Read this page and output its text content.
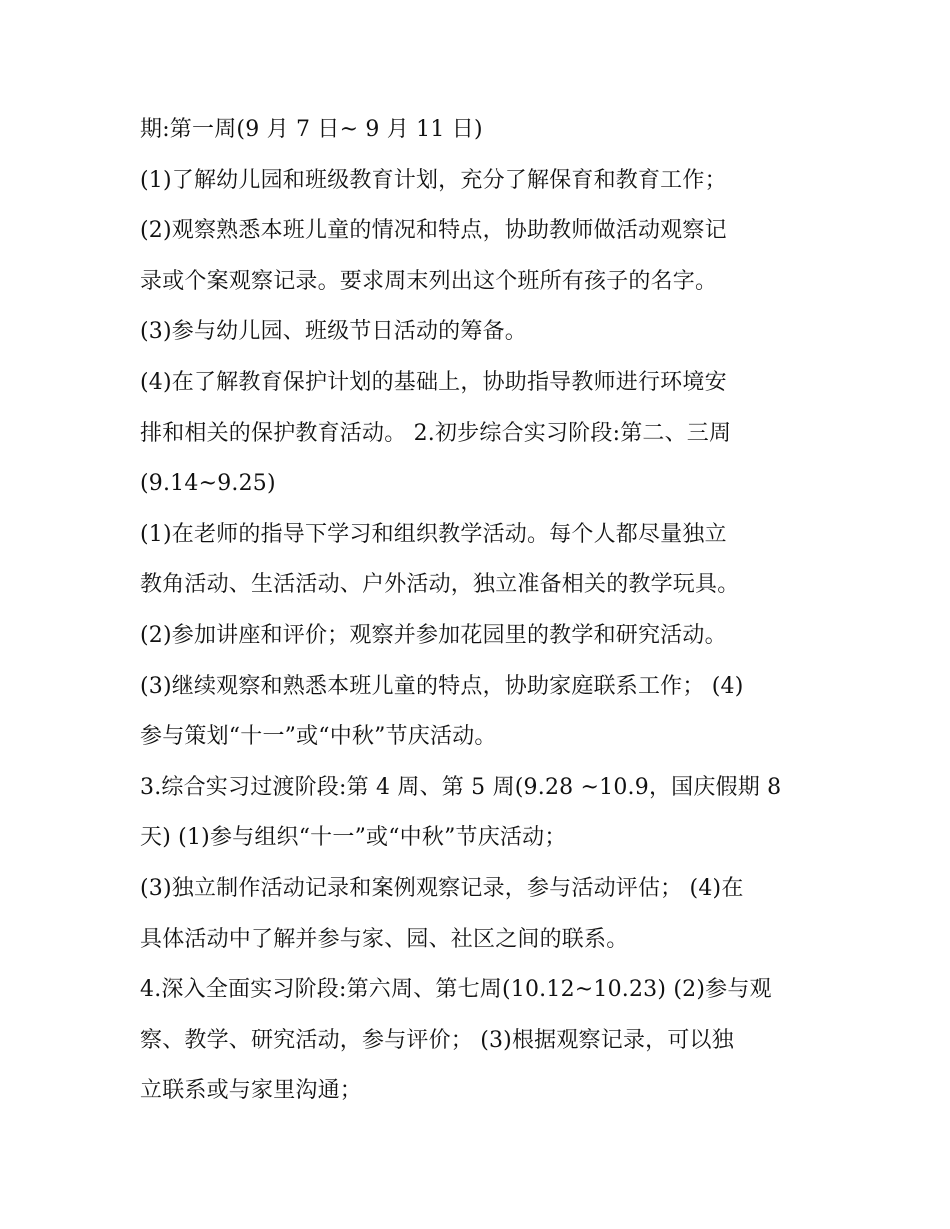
期:第一周(9 月 7 日~ 9 月 11 日)
(1)了解幼儿园和班级教育计划，充分了解保育和教育工作；
(2)观察熟悉本班儿童的情况和特点，协助教师做活动观察记
录或个案观察记录。要求周末列出这个班所有孩子的名字。
(3)参与幼儿园、班级节日活动的筹备。
(4)在了解教育保护计划的基础上，协助指导教师进行环境安
排和相关的保护教育活动。 2.初步综合实习阶段:第二、三周
(9.14~9.25)
(1)在老师的指导下学习和组织教学活动。每个人都尽量独立
教角活动、生活活动、户外活动，独立准备相关的教学玩具。
(2)参加讲座和评价；观察并参加花园里的教学和研究活动。
(3)继续观察和熟悉本班儿童的特点，协助家庭联系工作； (4)
参与策划“十一”或“中秋”节庆活动。
3.综合实习过渡阶段:第 4 周、第 5 周(9.28 ~10.9，国庆假期 8
天) (1)参与组织“十一”或“中秋”节庆活动；
(3)独立制作活动记录和案例观察记录，参与活动评估； (4)在
具体活动中了解并参与家、园、社区之间的联系。
4.深入全面实习阶段:第六周、第七周(10.12~10.23) (2)参与观
察、教学、研究活动，参与评价； (3)根据观察记录，可以独
立联系或与家里沟通；
